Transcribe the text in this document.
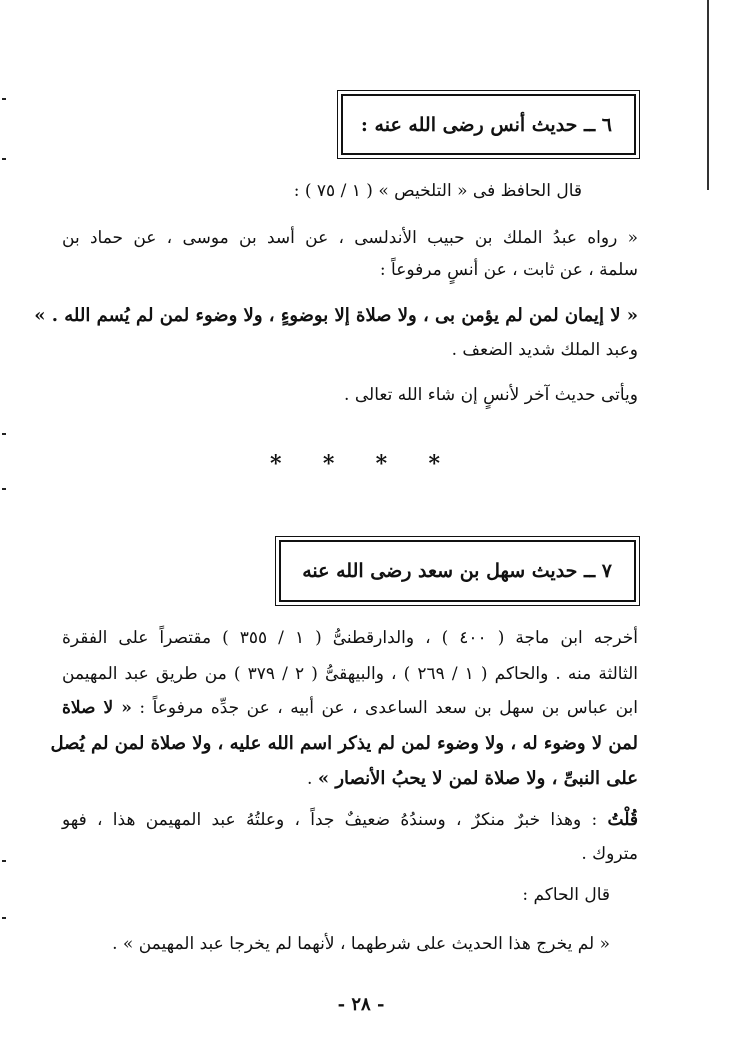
٦ ــ حديث أنس رضى الله عنه :
قال الحافظ فى « التلخيص » ( ١ / ٧٥ ) :
« رواه عبدُ الملك بن حبيب الأندلسى ، عن أسد بن موسى ، عن حماد بن
سلمة ، عن ثابت ، عن أنسٍ مرفوعاً :
« لا إيمان لمن لم يؤمن بى ، ولا صلاة إلا بوضوءٍ ، ولا وضوء لمن لم يُسم الله . »
وعبد الملك شديد الضعف .
ويأتى حديث آخر لأنسٍ إن شاء الله تعالى .
* * * *
٧ ــ حديث سهل بن سعد رضى الله عنه
أخرجه ابن ماجة ( ٤٠٠ ) ، والدارقطنىُّ ( ١ / ٣٥٥ ) مقتصراً على الفقرة
الثالثة منه . والحاكم ( ١ / ٢٦٩ ) ، والبيهقىُّ ( ٢ / ٣٧٩ ) من طريق عبد المهيمن
ابن عباس بن سهل بن سعد الساعدى ، عن أبيه ، عن جدِّه مرفوعاً : « لا صلاة
لمن لا وضوء له ، ولا وضوء لمن لم يذكر اسم الله عليه ، ولا صلاة لمن لم يُصل
على النبىِّ ، ولا صلاة لمن لا يحبُ الأنصار » .
قُلْتُ : وهذا خبرٌ منكرٌ ، وسندُهُ ضعيفٌ جداً ، وعلتُهُ عبد المهيمن هذا ، فهو
متروك .
قال الحاكم :
« لم يخرج هذا الحديث على شرطهما ، لأنهما لم يخرجا عبد المهيمن » .
- ٢٨ -
